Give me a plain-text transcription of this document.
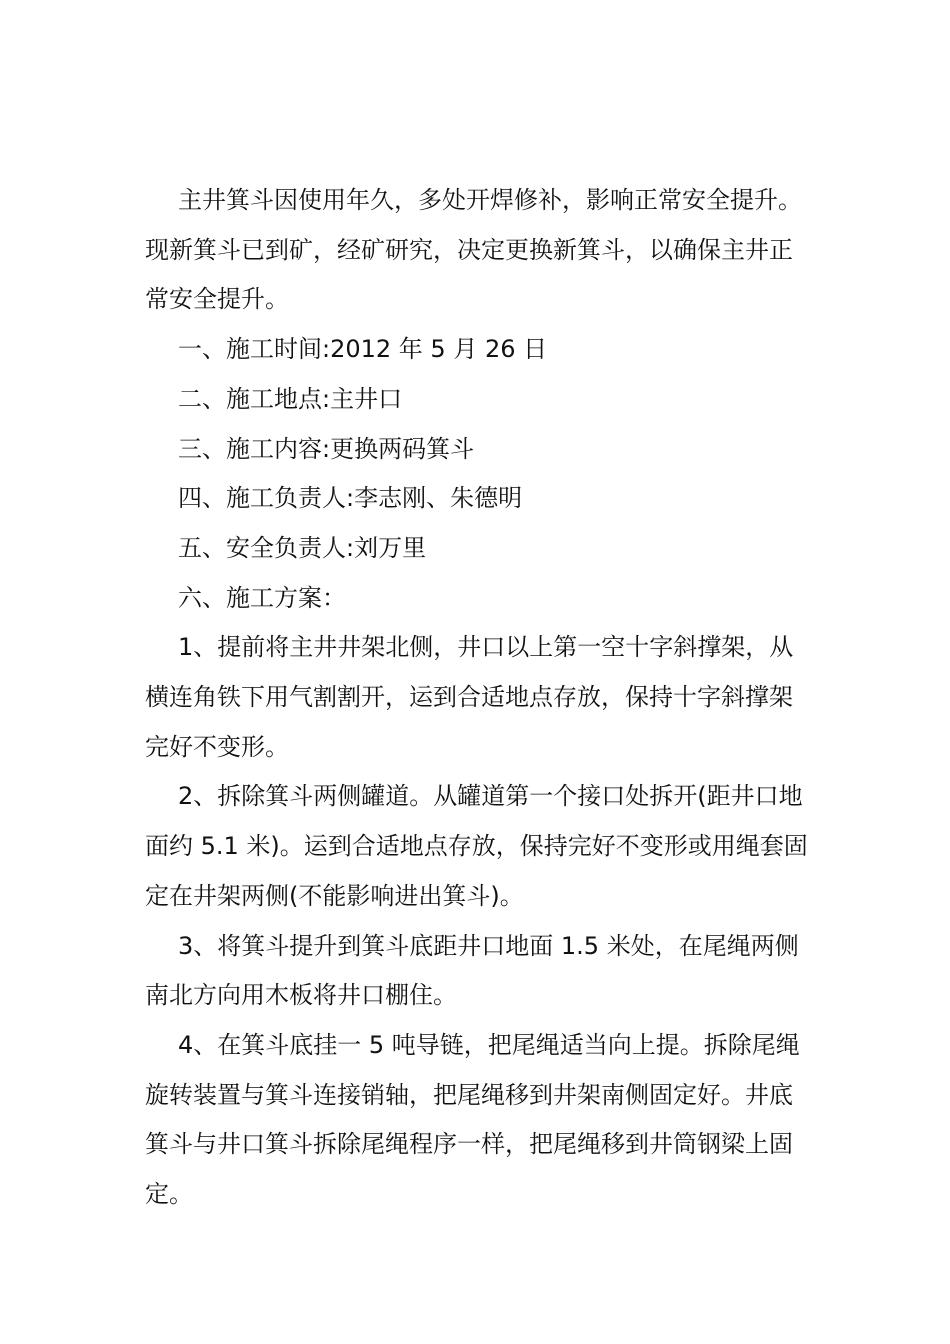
主井箕斗因使用年久，多处开焊修补，影响正常安全提升。现新箕斗已到矿，经矿研究，决定更换新箕斗，以确保主井正常安全提升。

一、施工时间:2012 年 5 月 26 日

二、施工地点:主井口

三、施工内容:更换两码箕斗

四、施工负责人:李志刚、朱德明

五、安全负责人:刘万里

六、施工方案：

1、提前将主井井架北侧，井口以上第一空十字斜撑架，从横连角铁下用气割割开，运到合适地点存放，保持十字斜撑架完好不变形。

2、拆除箕斗两侧罐道。从罐道第一个接口处拆开(距井口地面约 5.1 米)。运到合适地点存放，保持完好不变形或用绳套固定在井架两侧(不能影响进出箕斗)。

3、将箕斗提升到箕斗底距井口地面 1.5 米处，在尾绳两侧南北方向用木板将井口棚住。

4、在箕斗底挂一 5 吨导链，把尾绳适当向上提。拆除尾绳旋转装置与箕斗连接销轴，把尾绳移到井架南侧固定好。井底箕斗与井口箕斗拆除尾绳程序一样，把尾绳移到井筒钢梁上固定。
